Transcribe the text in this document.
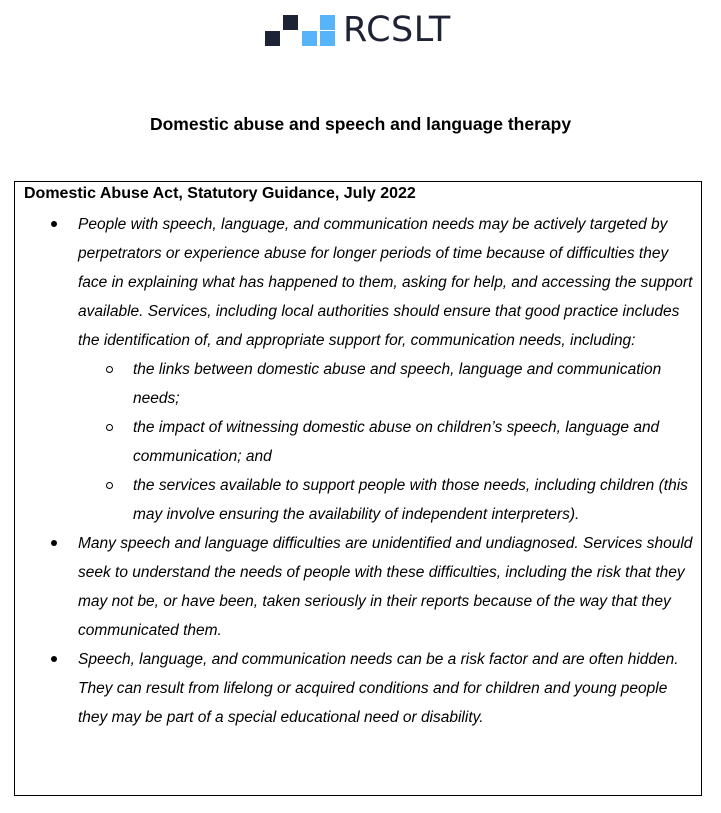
RCSLT
Domestic abuse and speech and language therapy
Domestic Abuse Act, Statutory Guidance, July 2022
People with speech, language, and communication needs may be actively targeted by perpetrators or experience abuse for longer periods of time because of difficulties they face in explaining what has happened to them, asking for help, and accessing the support available. Services, including local authorities should ensure that good practice includes the identification of, and appropriate support for, communication needs, including:
the links between domestic abuse and speech, language and communication needs;
the impact of witnessing domestic abuse on children’s speech, language and communication; and
the services available to support people with those needs, including children (this may involve ensuring the availability of independent interpreters).
Many speech and language difficulties are unidentified and undiagnosed. Services should seek to understand the needs of people with these difficulties, including the risk that they may not be, or have been, taken seriously in their reports because of the way that they communicated them.
Speech, language, and communication needs can be a risk factor and are often hidden. They can result from lifelong or acquired conditions and for children and young people they may be part of a special educational need or disability.
